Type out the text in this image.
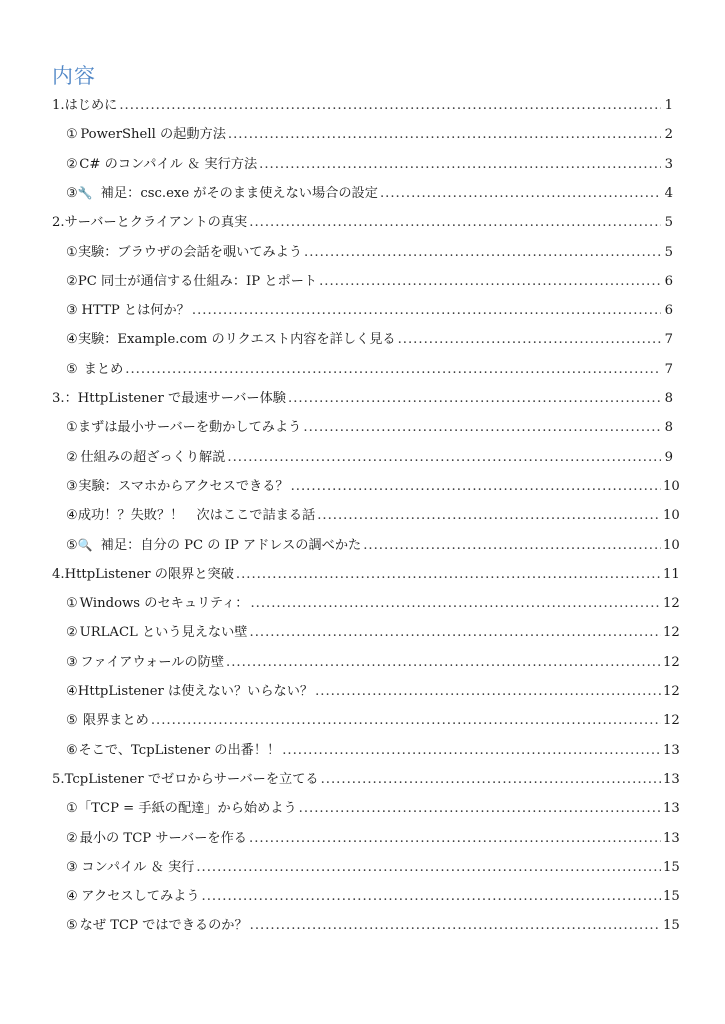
内容
1. はじめに .....	1
① PowerShell の起動方法 .....	2
② C# のコンパイル ＆ 実行方法 .....	3
③ 🔧 補足：csc.exe がそのまま使えない場合の設定 .....	4
2. サーバーとクライアントの真実 .....	5
① 実験：ブラウザの会話を覗いてみよう .....	5
② PC 同士が通信する仕組み：IP とポート .....	6
③ HTTP とは何か？ .....	6
④ 実験：Example.com のリクエスト内容を詳しく見る .....	7
⑤ まとめ .....	7
3. ：HttpListener で最速サーバー体験 .....	8
① まずは最小サーバーを動かしてみよう .....	8
② 仕組みの超ざっくり解説 .....	9
③ 実験：スマホからアクセスできる？ .....	10
④ 成功！？失敗？！　次はここで詰まる話 .....	10
⑤ 🔍 補足：自分の PC の IP アドレスの調べかた .....	10
4. HttpListener の限界と突破 .....	11
① Windows のセキュリティ： .....	12
② URLACL という見えない壁 .....	12
③ ファイアウォールの防壁 .....	12
④ HttpListener は使えない？いらない？ .....	12
⑤ 限界まとめ .....	12
⑥ そこで、TcpListener の出番！！ .....	13
5. TcpListener でゼロからサーバーを立てる .....	13
① 「TCP = 手紙の配達」から始めよう .....	13
② 最小の TCP サーバーを作る .....	13
③ コンパイル ＆ 実行 .....	15
④ アクセスしてみよう .....	15
⑤ なぜ TCP ではできるのか？ .....	15
